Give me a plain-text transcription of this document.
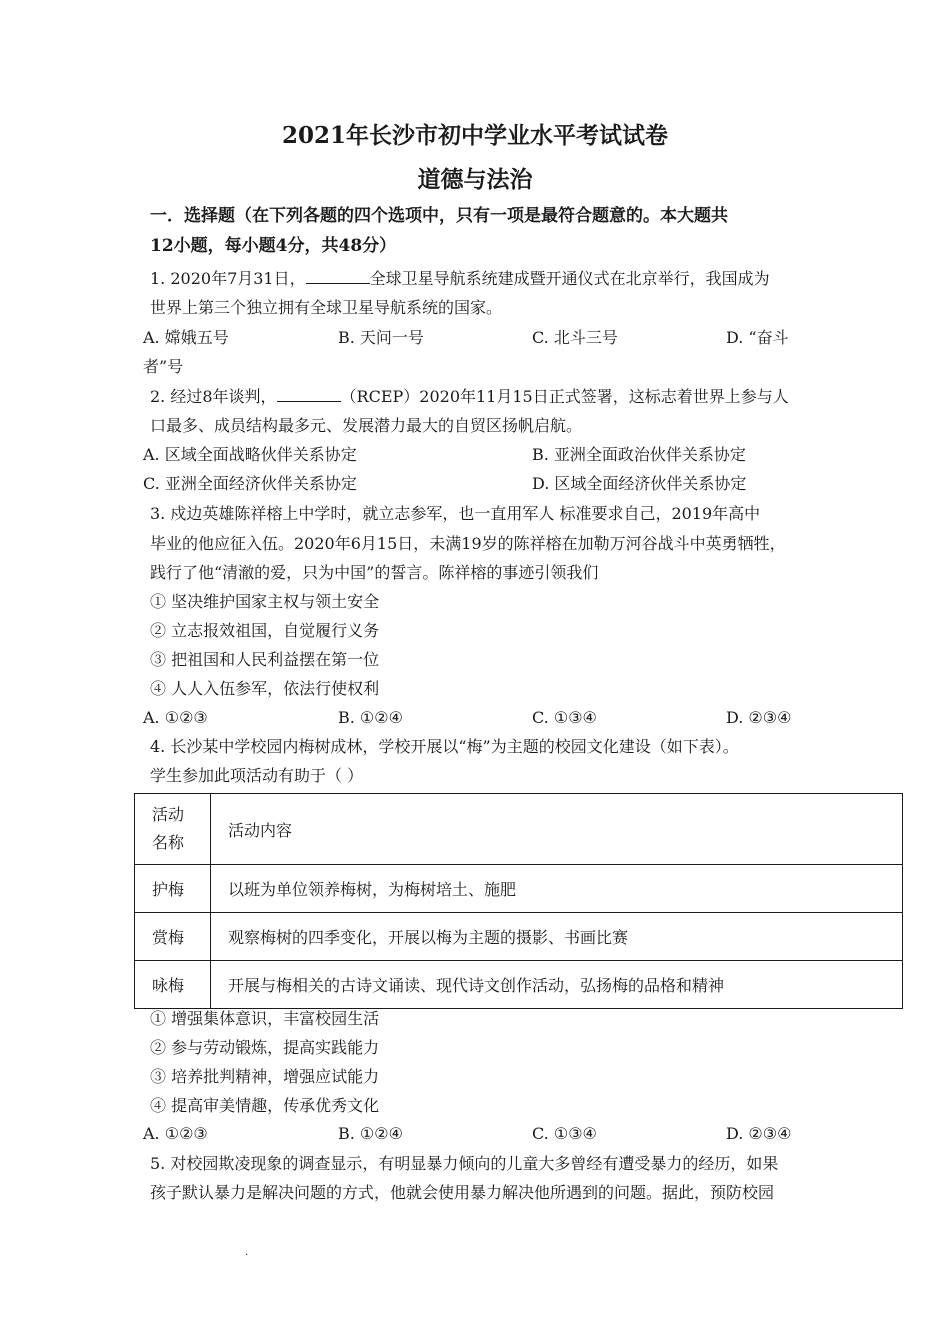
2021年长沙市初中学业水平考试试卷
道德与法治
一．选择题（在下列各题的四个选项中，只有一项是最符合题意的。本大题共
12小题，每小题4分，共48分）
1. 2020年7月31日，	全球卫星导航系统建成暨开通仪式在北京举行，我国成为
世界上第三个独立拥有全球卫星导航系统的国家。
A. 嫦娥五号	B. 天问一号	C. 北斗三号	D. “奋斗
者”号
2. 经过8年谈判，	（RCEP）2020年11月15日正式签署，这标志着世界上参与人
口最多、成员结构最多元、发展潜力最大的自贸区扬帆启航。
A. 区域全面战略伙伴关系协定	B. 亚洲全面政治伙伴关系协定
C. 亚洲全面经济伙伴关系协定	D. 区域全面经济伙伴关系协定
3. 戍边英雄陈祥榕上中学时，就立志参军，也一直用军人 标准要求自己，2019年高中
毕业的他应征入伍。2020年6月15日，未满19岁的陈祥榕在加勒万河谷战斗中英勇牺牲，
践行了他“清澈的爱，只为中国”的誓言。陈祥榕的事迹引领我们
① 坚决维护国家主权与领土安全
② 立志报效祖国，自觉履行义务
③ 把祖国和人民利益摆在第一位
④ 人人入伍参军，依法行使权利
A. ①②③	B. ①②④	C. ①③④	D. ②③④
4. 长沙某中学校园内梅树成林，学校开展以“梅”为主题的校园文化建设（如下表）。
学生参加此项活动有助于（ ）
活动
名称	活动内容
护梅	以班为单位领养梅树，为梅树培土、施肥
赏梅	观察梅树的四季变化，开展以梅为主题的摄影、书画比赛
咏梅	开展与梅相关的古诗文诵读、现代诗文创作活动，弘扬梅的品格和精神
① 增强集体意识，丰富校园生活
② 参与劳动锻炼，提高实践能力
③ 培养批判精神，增强应试能力
④ 提高审美情趣，传承优秀文化
A. ①②③	B. ①②④	C. ①③④	D. ②③④
5. 对校园欺凌现象的调查显示，有明显暴力倾向的儿童大多曾经有遭受暴力的经历，如果
孩子默认暴力是解决问题的方式，他就会使用暴力解决他所遇到的问题。据此，预防校园
.
